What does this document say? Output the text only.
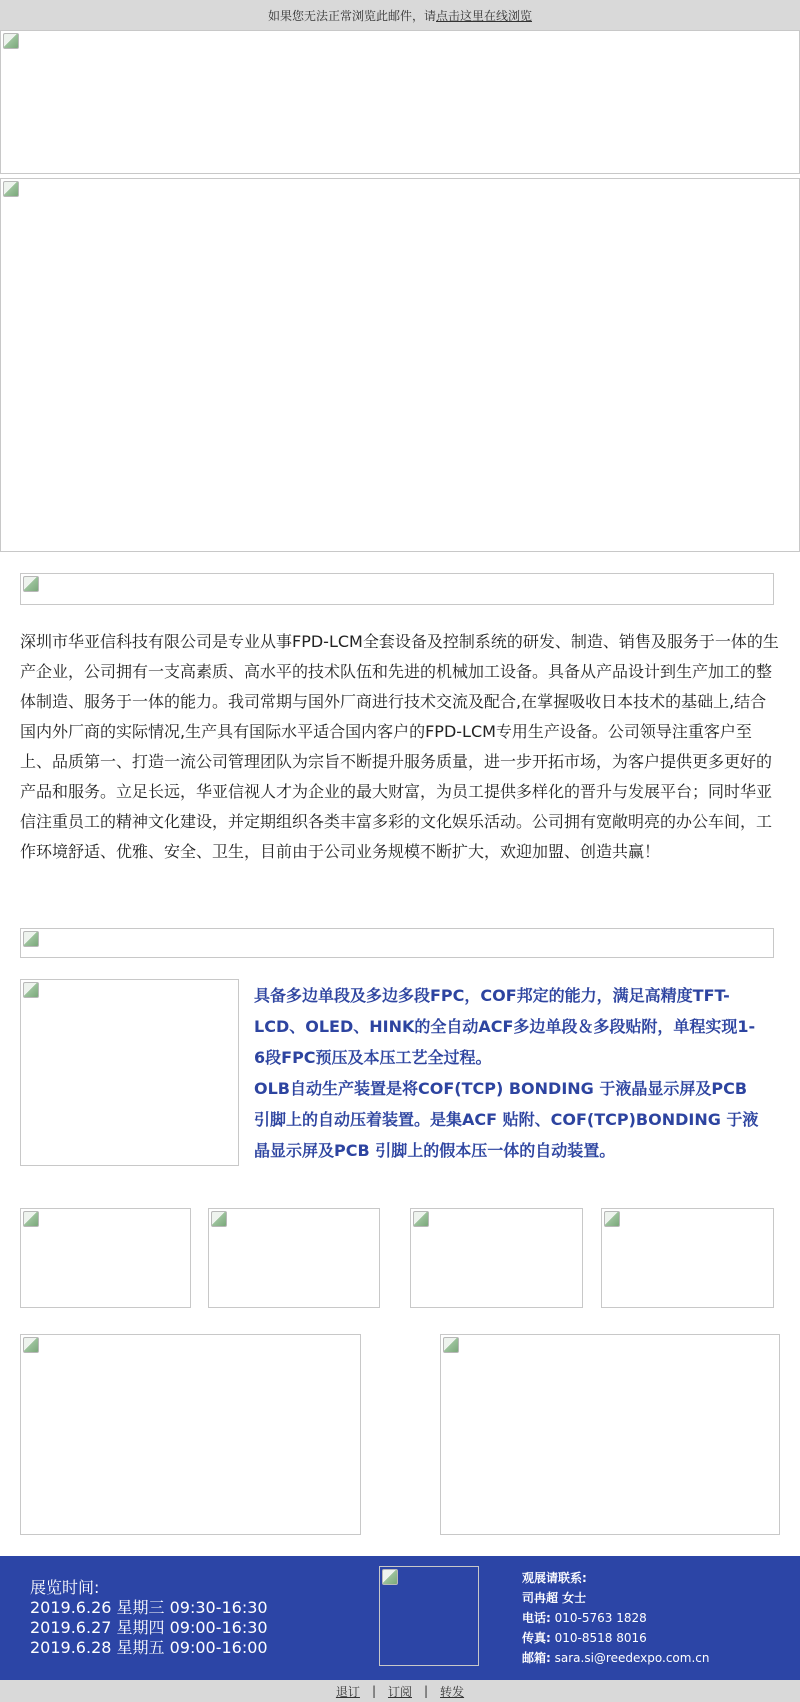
如果您无法正常浏览此邮件，请 点击这里在线浏览

深圳市华亚信科技有限公司是专业从事FPD-LCM全套设备及控制系统的研发、制造、销售及服务于一体的生产企业，公司拥有一支高素质、高水平的技术队伍和先进的机械加工设备。具备从产品设计到生产加工的整体制造、服务于一体的能力。我司常期与国外厂商进行技术交流及配合,在掌握吸收日本技术的基础上,结合国内外厂商的实际情况,生产具有国际水平适合国内客户的FPD-LCM专用生产设备。公司领导注重客户至上、品质第一、打造一流公司管理团队为宗旨不断提升服务质量，进一步开拓市场，为客户提供更多更好的产品和服务。立足长远，华亚信视人才为企业的最大财富，为员工提供多样化的晋升与发展平台；同时华亚信注重员工的精神文化建设，并定期组织各类丰富多彩的文化娱乐活动。公司拥有宽敞明亮的办公车间，工作环境舒适、优雅、安全、卫生，目前由于公司业务规模不断扩大，欢迎加盟、创造共赢！

具备多边单段及多边多段FPC，COF邦定的能力，满足高精度TFT-LCD、OLED、HINK的全自动ACF多边单段＆多段贴附，单程实现1-6段FPC预压及本压工艺全过程。

OLB自动生产装置是将COF(TCP) BONDING 于液晶显示屏及PCB 引脚上的自动压着装置。是集ACF 贴附、COF(TCP)BONDING 于液晶显示屏及PCB 引脚上的假本压一体的自动装置。

展览时间:
2019.6.26 星期三 09:30-16:30
2019.6.27 星期四 09:00-16:30
2019.6.28 星期五 09:00-16:00
观展请联系:
司冉超 女士
电话: 010-5763 1828
传真: 010-8518 8016
邮箱: sara.si@reedexpo.com.cn
退订	|	订阅	|	转发
